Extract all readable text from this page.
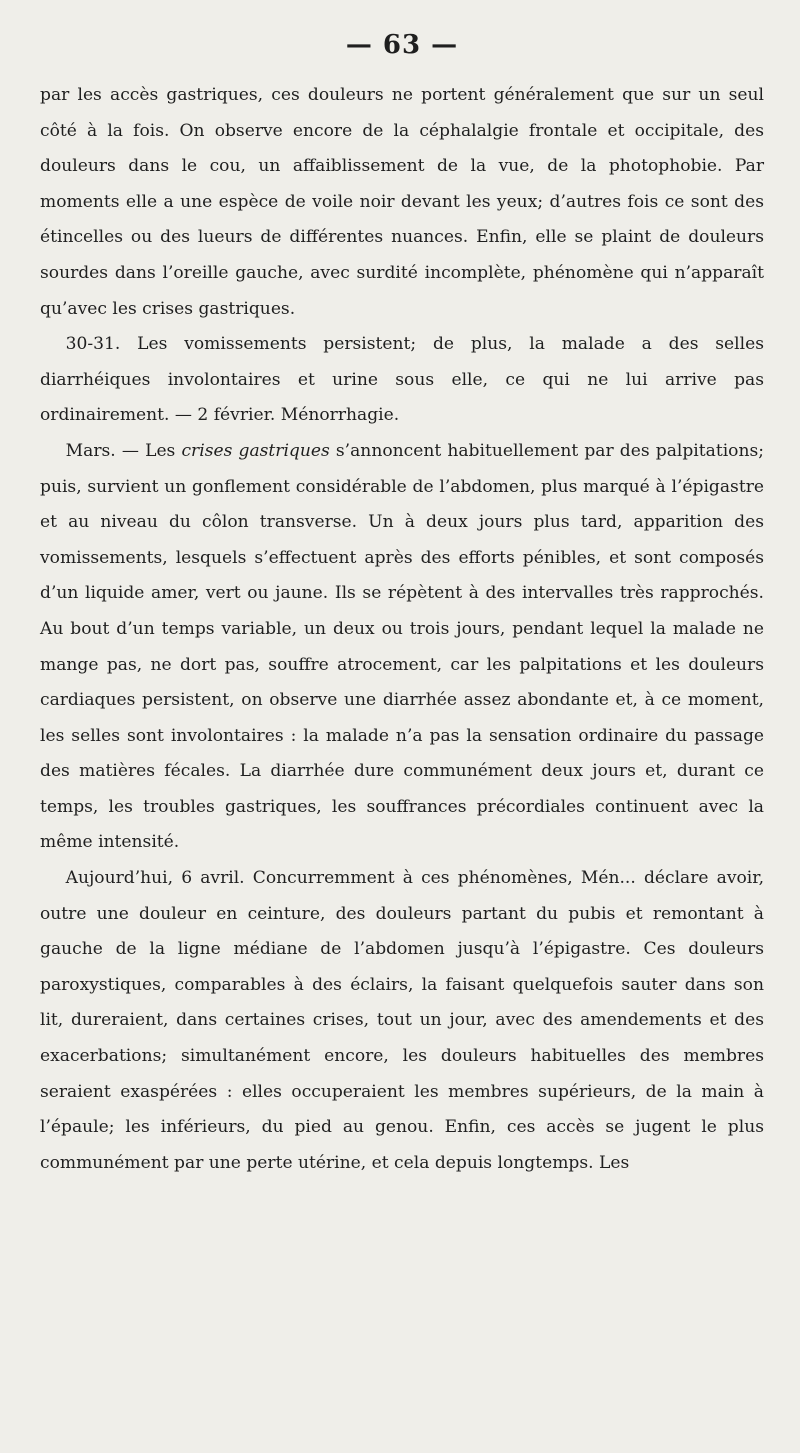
— 63 —

par les accès gastriques, ces douleurs ne portent généralement que sur un seul côté à la fois. On observe encore de la céphalalgie frontale et occipitale, des douleurs dans le cou, un affaiblissement de la vue, de la photophobie. Par moments elle a une espèce de voile noir devant les yeux; d’autres fois ce sont des étincelles ou des lueurs de différentes nuances. Enfin, elle se plaint de douleurs sourdes dans l’oreille gauche, avec surdité incomplète, phénomène qui n’apparaît qu’avec les crises gastriques.

30-31. Les vomissements persistent; de plus, la malade a des selles diarrhéiques involontaires et urine sous elle, ce qui ne lui arrive pas ordinairement. — 2 février. Ménorrhagie.

Mars. — Les crises gastriques s’annoncent habituellement par des palpitations; puis, survient un gonflement considérable de l’abdomen, plus marqué à l’épigastre et au niveau du côlon transverse. Un à deux jours plus tard, apparition des vomissements, lesquels s’effectuent après des efforts pénibles, et sont composés d’un liquide amer, vert ou jaune. Ils se répètent à des intervalles très rapprochés. Au bout d’un temps variable, un deux ou trois jours, pendant lequel la malade ne mange pas, ne dort pas, souffre atrocement, car les palpitations et les douleurs cardiaques persistent, on observe une diarrhée assez abondante et, à ce moment, les selles sont involontaires : la malade n’a pas la sensation ordinaire du passage des matières fécales. La diarrhée dure communément deux jours et, durant ce temps, les troubles gastriques, les souffrances précordiales continuent avec la même intensité.

Aujourd’hui, 6 avril. Concurremment à ces phénomènes, Mén... déclare avoir, outre une douleur en ceinture, des douleurs partant du pubis et remontant à gauche de la ligne médiane de l’abdomen jusqu’à l’épigastre. Ces douleurs paroxystiques, comparables à des éclairs, la faisant quelquefois sauter dans son lit, dureraient, dans certaines crises, tout un jour, avec des amendements et des exacerbations; simultanément encore, les douleurs habituelles des membres seraient exaspérées : elles occuperaient les membres supérieurs, de la main à l’épaule; les inférieurs, du pied au genou. Enfin, ces accès se jugent le plus communément par une perte utérine, et cela depuis longtemps. Les
